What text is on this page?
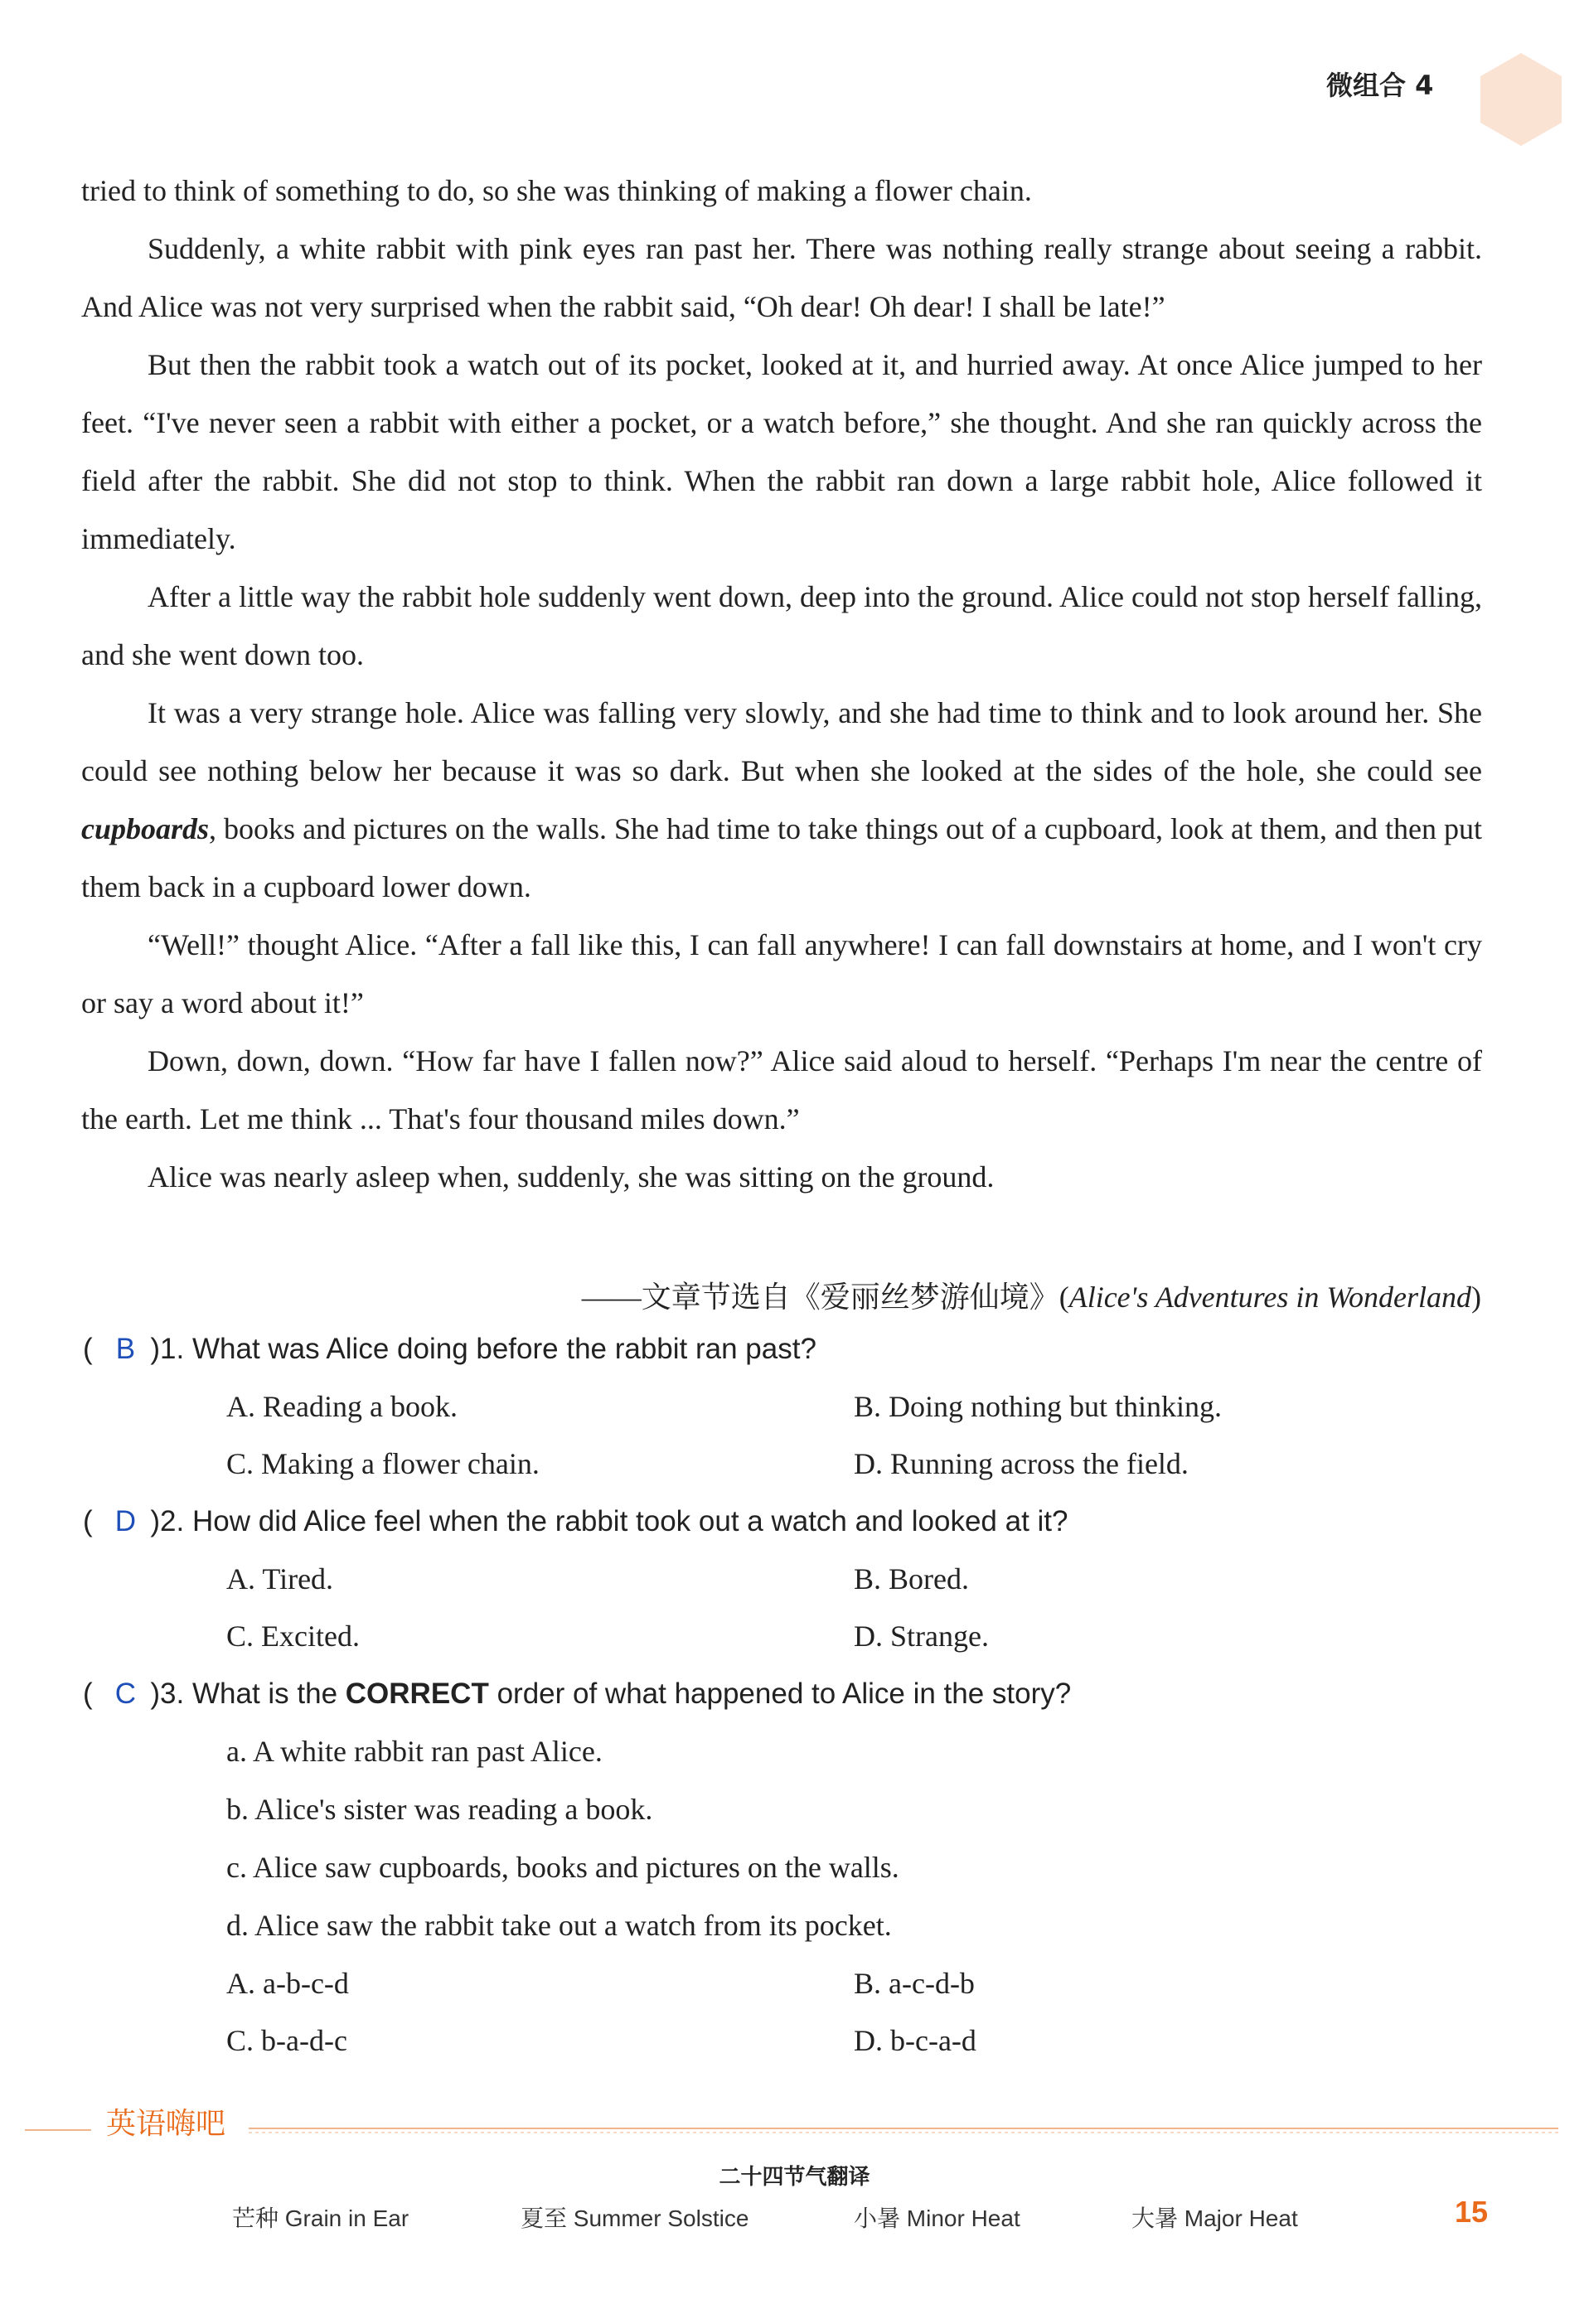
微组合 4

tried to think of something to do, so she was thinking of making a flower chain.

Suddenly, a white rabbit with pink eyes ran past her. There was nothing really strange about seeing a rabbit. And Alice was not very surprised when the rabbit said, “Oh dear! Oh dear! I shall be late!”

But then the rabbit took a watch out of its pocket, looked at it, and hurried away. At once Alice jumped to her feet. “I've never seen a rabbit with either a pocket, or a watch before,” she thought. And she ran quickly across the field after the rabbit. She did not stop to think. When the rabbit ran down a large rabbit hole, Alice followed it immediately.

After a little way the rabbit hole suddenly went down, deep into the ground. Alice could not stop herself falling, and she went down too.

It was a very strange hole. Alice was falling very slowly, and she had time to think and to look around her. She could see nothing below her because it was so dark. But when she looked at the sides of the hole, she could see cupboards, books and pictures on the walls. She had time to take things out of a cupboard, look at them, and then put them back in a cupboard lower down.

“Well!” thought Alice. “After a fall like this, I can fall anywhere! I can fall downstairs at home, and I won't cry or say a word about it!”

Down, down, down. “How far have I fallen now?” Alice said aloud to herself. “Perhaps I'm near the centre of the earth. Let me think ... That's four thousand miles down.”

Alice was nearly asleep when, suddenly, she was sitting on the ground.

——文章节选自《爱丽丝梦游仙境》(Alice's Adventures in Wonderland)
( B )1. What was Alice doing before the rabbit ran past?
A. Reading a book.	B. Doing nothing but thinking.
C. Making a flower chain.	D. Running across the field.
( D )2. How did Alice feel when the rabbit took out a watch and looked at it?
A. Tired.	B. Bored.
C. Excited.	D. Strange.
( C )3. What is the CORRECT order of what happened to Alice in the story?
a. A white rabbit ran past Alice.
b. Alice's sister was reading a book.
c. Alice saw cupboards, books and pictures on the walls.
d. Alice saw the rabbit take out a watch from its pocket.
A. a-b-c-d	B. a-c-d-b
C. b-a-d-c	D. b-c-a-d
英语嗨吧
二十四节气翻译
芒种 Grain in Ear	夏至 Summer Solstice	小暑 Minor Heat	大暑 Major Heat	15
